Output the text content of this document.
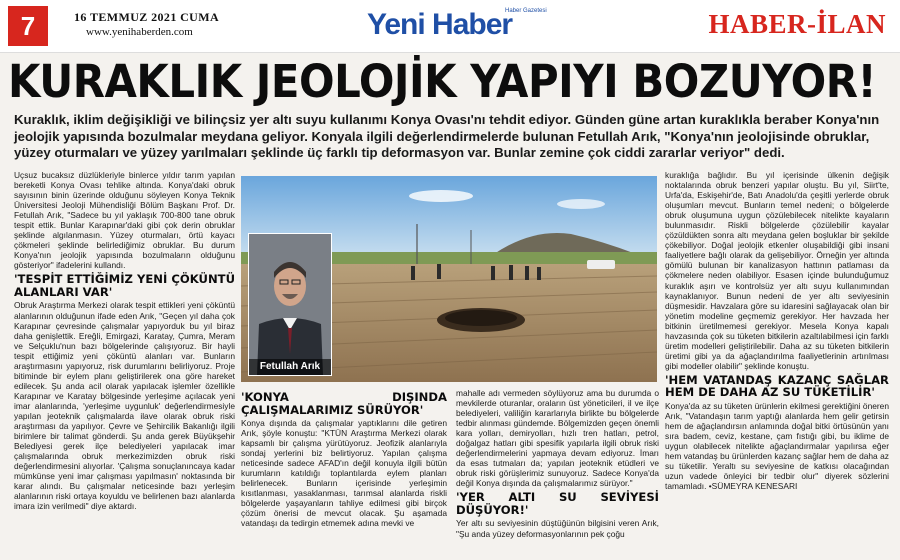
7	16 TEMMUZ 2021 CUMA
www.yenihaberden.com	Yeni Haber
Haber Gazetesi	HABER-İLAN
KURAKLIK JEOLOJİK YAPIYI BOZUYOR!
Kuraklık, iklim değişikliği ve bilinçsiz yer altı suyu kullanımı Konya Ovası'nı tehdit ediyor. Günden güne artan kuraklıkla beraber Konya'nın jeolojik yapısında bozulmalar meydana geliyor. Konyala ilgili değerlendirmelerde bulunan Fetullah Arık, "Konya'nın jeolojisinde obruklar, yüzey oturmaları ve yüzey yarılmaları şeklinde üç farklı tip deformasyon var. Bunlar zemine çok ciddi zararlar veriyor" dedi.

Uçsuz bucaksız düzlükleriyle binlerce yıldır tarım yapılan bereketli Konya Ovası tehlike altında. Konya'daki obruk sayısının binin üzerinde olduğunu söyleyen Konya Teknik Üniversitesi Jeoloji Mühendisliği Bölüm Başkanı Prof. Dr. Fetullah Arık, "Sadece bu yıl yaklaşık 700-800 tane obruk tespit ettik. Bunlar Karapınar'daki gibi çok derin obruklar şeklinde algılanmasın. Yüzey oturmaları, örtü kayacı çökmeleri şeklinde belirlediğimiz obruklar. Bu durum Konya'nın jeolojik yapısında bozulmaların olduğunu gösteriyor" ifadelerini kullandı.

'TESPİT ETTİĞİMİZ YENİ ÇÖKÜNTÜ ALANLARI VAR'

Obruk Araştırma Merkezi olarak tespit ettikleri yeni çöküntü alanlarının olduğunun ifade eden Arık, "Geçen yıl daha çok Karapınar çevresinde çalışmalar yapıyorduk bu yıl biraz daha genişlettik. Ereğli, Emirgazi, Karatay, Çumra, Meram ve Selçuklu'nun bazı bölgelerinde çalışıyoruz. Bir hayli tespit ettiğimiz yeni çöküntü alanları var. Bunların araştırmasını yapıyoruz, risk durumlarını belirliyoruz. Proje bitiminde bir eylem planı geliştirilerek ona göre hareket edilecek. Şu anda acil olarak yapılacak işlemler özellikle Karapınar ve Karatay bölgesinde yerleşime açılacak yeni imar alanlarında, 'yerleşime uygunluk' değerlendirmesiyle yapılan jeoteknik çalışmalarda ilave olarak obruk riski araştırması da yapılıyor. Çevre ve Şehircilik Bakanlığı ilgili birimlere bir talimat gönderdi. Şu anda gerek Büyükşehir Belediyesi gerek ilçe belediyeleri yapılacak imar çalışmalarında obruk merkezimizden obruk riski değerlendirmesini alıyorlar. 'Çalışma sonuçlanıncaya kadar mümkünse yeni imar çalışması yapılmasın' noktasında bir karar alındı. Bu çalışmalar neticesinde bazı yerleşim alanlarının riski ortaya koyuldu ve belirlenen bazı alanlarda imara izin verilmedi" diye aktardı.

Fetullah Arık
'KONYA DIŞINDA ÇALIŞMALARIMIZ SÜRÜYOR'

Konya dışında da çalışmalar yaptıklarını dile getiren Arık, şöyle konuştu: "KTÜN Araştırma Merkezi olarak kapsamlı bir çalışma yürütüyoruz. Jeofizik alanlarıyla sondaj yerlerini biz belirtiyoruz. Yapılan çalışma neticesinde sadece AFAD'ın değil konuyla ilgili bütün kurumların katıldığı toplantılarda eylem planları belirlenecek. Bunların içerisinde yerleşimin kısıtlanması, yasaklanması, tarımsal alanlarda riskli bölgelerde yaşayanların tahliye edilmesi gibi birçok çözüm önerisi de mevcut olacak. Şu aşamada vatandaşı da tedirgin etmemek adına mevki ve

mahalle adı vermeden söylüyoruz ama bu durumda o mevkilerde oturanlar, oraların üst yöneticileri, il ve ilçe belediyeleri, valiliğin kararlarıyla birlikte bu bölgelerde tedbir alınması gündemde. Bölgemizden geçen önemli kara yolları, demiryolları, hızlı tren hatları, petrol, doğalgaz hatları gibi spesifik yapılarla ilgili obruk riski değerlendirmelerini yapmaya devam ediyoruz. İmarı da esas tutmaları da; yapılan jeoteknik etüdleri ve obruk riski görüşlerimiz sunuyoruz. Sadece Konya'da değil Konya dışında da çalışmalarımız sürüyor."

'YER ALTI SU SEVİYESİ DÜŞÜYOR!'

Yer altı su seviyesinin düştüğünün bilgisini veren Arık, "Şu anda yüzey deformasyonlarının pek çoğu

kuraklığa bağlıdır. Bu yıl içerisinde ülkenin değişik noktalarında obruk benzeri yapılar oluştu. Bu yıl, Siirt'te, Urfa'da, Eskişehir'de, Batı Anadolu'da çeşitli yerlerde obruk oluşumları mevcut. Bunların temel nedeni; o bölgelerde obruk oluşumuna uygun çözülebilecek nitelikte kayaların bulunmasıdır. Riskli bölgelerde çözülebilir kayalar çözüldükten sonra altı meydana gelen boşluklar bir şekilde çökebiliyor. Doğal jeolojik etkenler oluşabildiği gibi insani faaliyetlere bağlı olarak da gelişebiliyor. Örneğin yer altında gömülü bulunan bir kanalizasyon hattının patlaması da çökmelere neden olabiliyor. Esasen içinde bulunduğumuz kuraklık aşırı ve kontrolsüz yer altı suyu kullanımından kaynaklanıyor. Bunun nedeni de yer altı seviyesinin düşmesidir. Havzalara göre su idaresini sağlayacak olan bir yönetim modeline geçmemiz gerekiyor. Her havzada her bitkinin üretilmemesi gerekiyor. Mesela Konya kapalı havzasında çok su tüketen bitkilerin azaltılabilmesi için farklı üretim modelleri geliştirilebilir. Daha az su tüketen bitkilerin üretimi gibi ya da ağaçlandırılma faaliyetlerinin artırılması gibi modeller olabilir" şeklinde konuştu.

'HEM VATANDAŞ KAZANÇ SAĞLAR HEM DE DAHA AZ SU TÜKETİLİR'

Konya'da az su tüketen ürünlerin ekilmesi gerektiğini öneren Arık, "Vatandaşın tarım yaptığı alanlarda hem gelir getirsin hem de ağaçlandırsın anlamında doğal bitki örtüsünün yanı sıra badem, ceviz, kestane, çam fıstığı gibi, bu iklime de uygun olabilecek nitelikte ağaçlandırmalar yapılırsa eğer hem vatandaş bu ürünlerden kazanç sağlar hem de daha az su tüketilir. Yeraltı su seviyesine de katkısı olacağından uzun vadede önleyici bir tedbir olur" diyerek sözlerini tamamladı. •SÜMEYRA KENESARI
